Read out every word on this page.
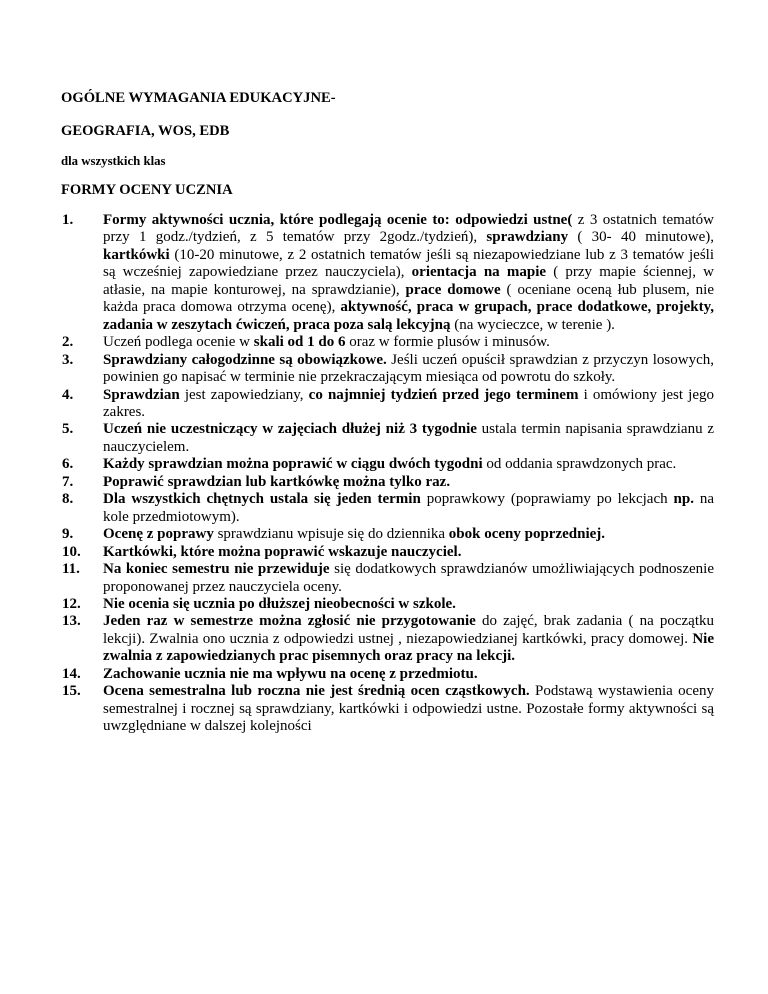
OGÓLNE WYMAGANIA EDUKACYJNE-
GEOGRAFIA, WOS, EDB
dla wszystkich klas
FORMY OCENY UCZNIA
1. Formy aktywności ucznia, które podlegają ocenie to: odpowiedzi ustne( z 3 ostatnich tematów przy 1 godz./tydzień, z 5 tematów przy 2godz./tydzień), sprawdziany ( 30- 40 minutowe), kartkówki (10-20 minutowe, z 2 ostatnich tematów jeśli są niezapowiedziane lub z 3 tematów jeśli są wcześniej zapowiedziane przez nauczyciela), orientacja na mapie ( przy mapie ściennej, w atłasie, na mapie konturowej, na sprawdzianie), prace domowe ( oceniane oceną łub plusem, nie każda praca domowa otrzyma ocenę), aktywność, praca w grupach, prace dodatkowe, projekty, zadania w zeszytach ćwiczeń, praca poza salą lekcyjną (na wycieczce, w terenie ).
2. Uczeń podlega ocenie w skali od 1 do 6 oraz w formie plusów i minusów.
3. Sprawdziany całogodzinne są obowiązkowe. Jeśli uczeń opuścił sprawdzian z przyczyn losowych, powinien go napisać w terminie nie przekraczającym miesiąca od powrotu do szkoły.
4. Sprawdzian jest zapowiedziany, co najmniej tydzień przed jego terminem i omówiony jest jego zakres.
5. Uczeń nie uczestniczący w zajęciach dłużej niż 3 tygodnie ustala termin napisania sprawdzianu z nauczycielem.
6. Każdy sprawdzian można poprawić w ciągu dwóch tygodni od oddania sprawdzonych prac.
7. Poprawić sprawdzian lub kartkówkę można tylko raz.
8. Dla wszystkich chętnych ustala się jeden termin poprawkowy (poprawiamy po lekcjach np. na kole przedmiotowym).
9. Ocenę z poprawy sprawdzianu wpisuje się do dziennika obok oceny poprzedniej.
10. Kartkówki, które można poprawić wskazuje nauczyciel.
11. Na koniec semestru nie przewiduje się dodatkowych sprawdzianów umożliwiających podnoszenie proponowanej przez nauczyciela oceny.
12. Nie ocenia się ucznia po dłuższej nieobecności w szkole.
13. Jeden raz w semestrze można zgłosić nie przygotowanie do zajęć, brak zadania ( na początku lekcji). Zwalnia ono ucznia z odpowiedzi ustnej , niezapowiedzianej kartkówki, pracy domowej. Nie zwalnia z zapowiedzianych prac pisemnych oraz pracy na lekcji.
14. Zachowanie ucznia nie ma wpływu na ocenę z przedmiotu.
15. Ocena semestralna lub roczna nie jest średnią ocen cząstkowych. Podstawą wystawienia oceny semestralnej i rocznej są sprawdziany, kartkówki i odpowiedzi ustne. Pozostałe formy aktywności są uwzględniane w dalszej kolejności
